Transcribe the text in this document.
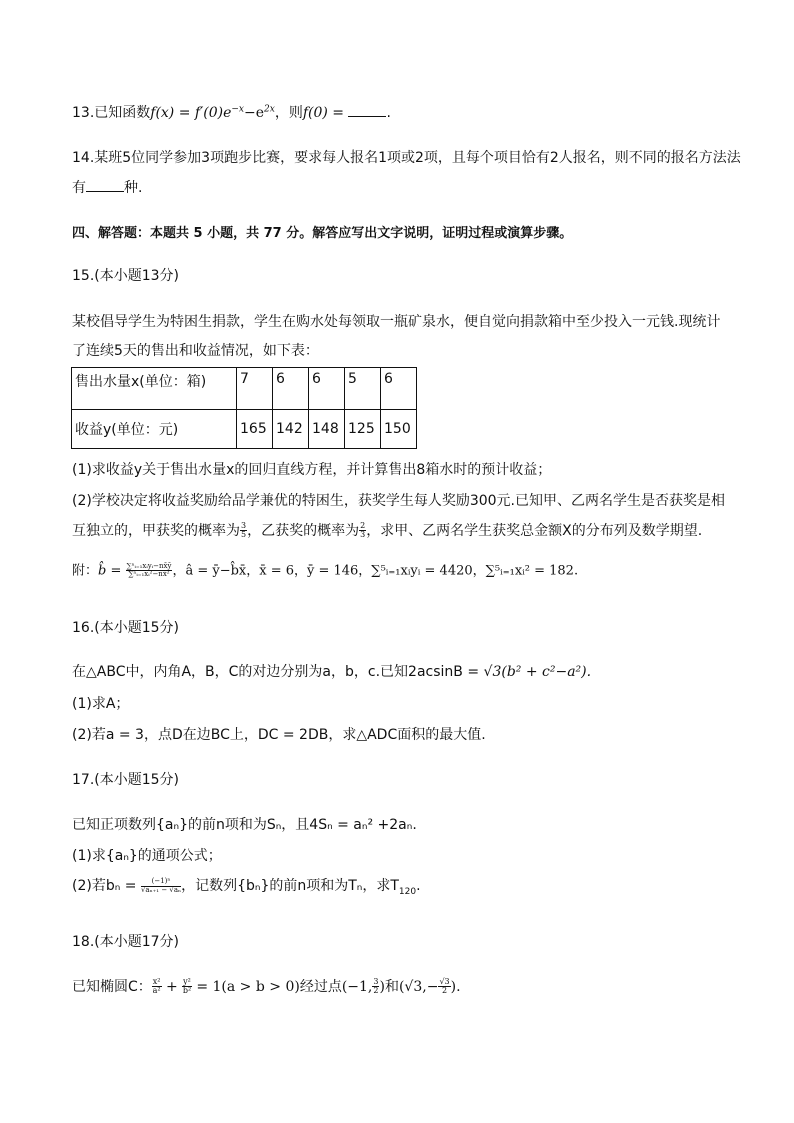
13.已知函数$f(x) = f'(0)e^{-x}-e^{2x}$，则f(0) =	.
14.某班5位同学参加3项跑步比赛，要求每人报名1项或2项，且每个项目恰有2人报名，则不同的报名方法法
有	种.
四、解答题：本题共 5 小题，共 77 分。解答应写出文字说明，证明过程或演算步骤。
15.(本小题13分)
某校倡导学生为特困生捐款，学生在购水处每领取一瓶矿泉水，便自觉向捐款箱中至少投入一元钱.现统计
了连续5天的售出和收益情况，如下表：
售出水量x(单位：箱)	7	6	6	5	6
收益y(单位：元)	165	142	148	125	150
(1)求收益y关于售出水量x的回归直线方程，并计算售出8箱水时的预计收益；
(2)学校决定将收益奖励给品学兼优的特困生，获奖学生每人奖励300元.已知甲、乙两名学生是否获奖是相
互独立的，甲获奖的概率为 $\frac{3}{5}$ ，乙获奖的概率为 $\frac{2}{3}$ ，求甲、乙两名学生获奖总金额X的分布列及数学期望.
附：b̂ = $\frac{\text{∑ⁿᵢ₌₁xᵢyᵢ−nx̄ȳ}}{\text{∑ⁿᵢ₌₁xᵢ²−nx̄²}}$ ，â = ȳ−b̂x̄，x̄ = 6，ȳ = 146，∑⁵ᵢ₌₁xᵢyᵢ = 4420，∑⁵ᵢ₌₁xᵢ² = 182.
16.(本小题15分)
在△ABC中，内角A，B，C的对边分别为a，b，c.已知2acsinB = √3(b² + c²−a²).
(1)求A；
(2)若a = 3，点D在边BC上，DC = 2DB，求△ADC面积的最大值.
17.(本小题15分)
已知正项数列{aₙ}的前n项和为Sₙ，且4Sₙ = aₙ² +2aₙ.
(1)求{aₙ}的通项公式；
(2)若$b_n = \frac{\text{(−1)ⁿ}}{\text{√aₙ₊₁ − √aₙ}}$ ，记数列{bₙ}的前n项和为Tₙ，求$T_{120}$.
18.(本小题17分)
已知椭圆C： $\frac{\text{x²}}{\text{a²}} + \frac{\text{y²}}{\text{b²}} = 1(a > b > 0)$经过点(−1, $\frac{3}{2}$ )和($√3,- \frac{√3}{2}$ ).
